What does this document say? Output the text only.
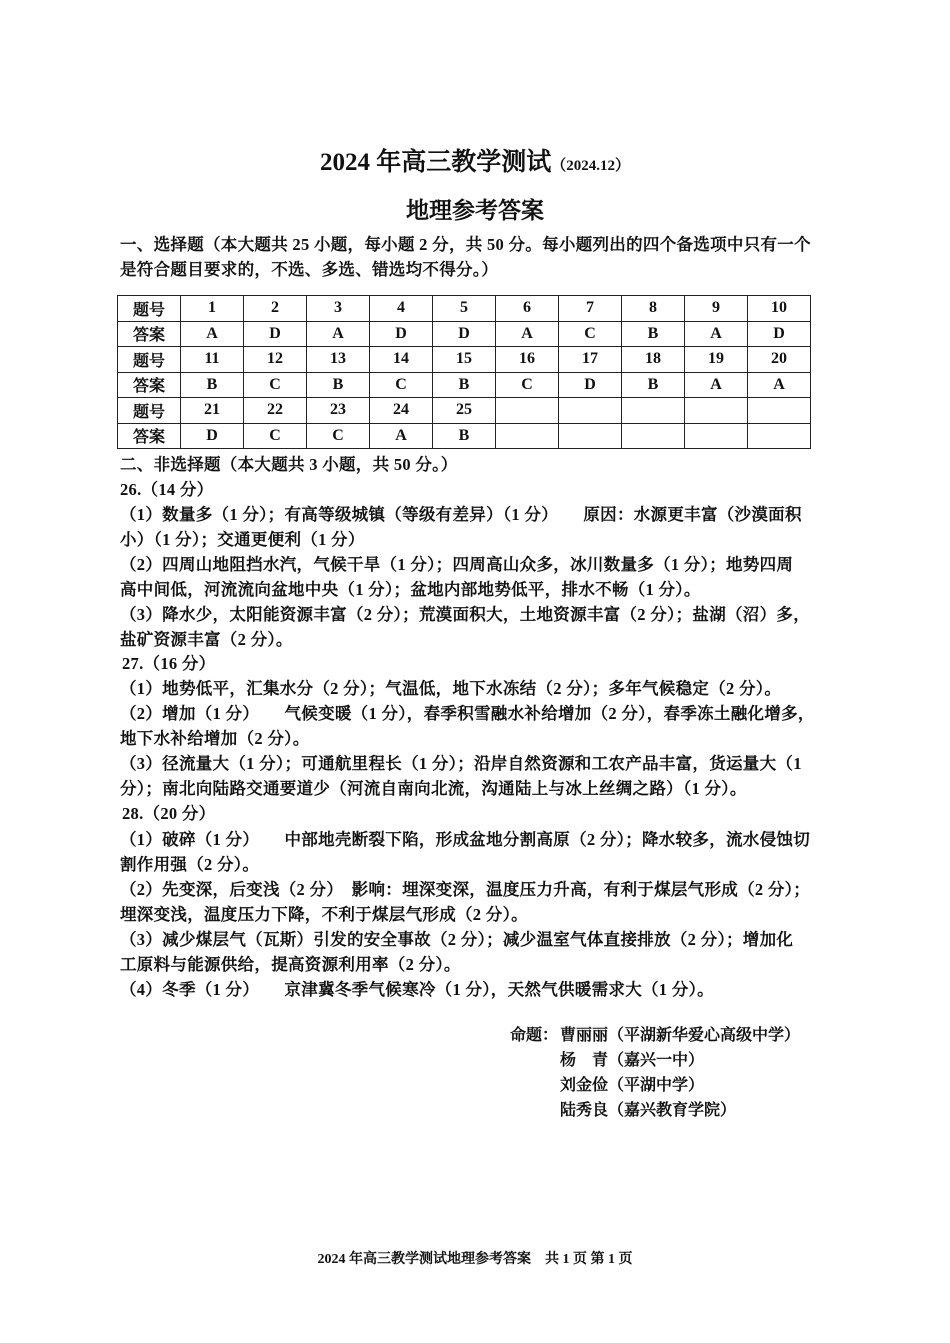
2024 年高三教学测试（2024.12）
地理参考答案
一、选择题（本大题共 25 小题，每小题 2 分，共 50 分。每小题列出的四个备选项中只有一个
是符合题目要求的，不选、多选、错选均不得分。）
题号	1	2	3	4	5	6	7	8	9	10
答案	A	D	A	D	D	A	C	B	A	D
题号	11	12	13	14	15	16	17	18	19	20
答案	B	C	B	C	B	C	D	B	A	A
题号	21	22	23	24	25					
答案	D	C	C	A	B					
二、非选择题（本大题共 3 小题，共 50 分。）
26.（14 分）
（1）数量多（1 分）；有高等级城镇（等级有差异）（1 分）　　原因：水源更丰富（沙漠面积
小）（1 分）；交通更便利（1 分）
（2）四周山地阻挡水汽，气候干旱（1 分）；四周高山众多，冰川数量多（1 分）；地势四周
高中间低，河流流向盆地中央（1 分）；盆地内部地势低平，排水不畅（1 分）。
（3）降水少，太阳能资源丰富（2 分）；荒漠面积大，土地资源丰富（2 分）；盐湖（沼）多，
盐矿资源丰富（2 分）。
27.（16 分）
（1）地势低平，汇集水分（2 分）；气温低，地下水冻结（2 分）；多年气候稳定（2 分）。
（2）增加（1 分）　　气候变暖（1 分），春季积雪融水补给增加（2 分），春季冻土融化增多，
地下水补给增加（2 分）。
（3）径流量大（1 分）；可通航里程长（1 分）；沿岸自然资源和工农产品丰富，货运量大（1
分）；南北向陆路交通要道少（河流自南向北流，沟通陆上与冰上丝绸之路）（1 分）。
28.（20 分）
（1）破碎（1 分）　　中部地壳断裂下陷，形成盆地分割高原（2 分）；降水较多，流水侵蚀切
割作用强（2 分）。
（2）先变深，后变浅（2 分）　影响：埋深变深，温度压力升高，有利于煤层气形成（2 分）；
埋深变浅，温度压力下降，不利于煤层气形成（2 分）。
（3）减少煤层气（瓦斯）引发的安全事故（2 分）；减少温室气体直接排放（2 分）；增加化
工原料与能源供给，提高资源利用率（2 分）。
（4）冬季（1 分）　　京津冀冬季气候寒冷（1 分），天然气供暖需求大（1 分）。
命题： 曹丽丽（平湖新华爱心高级中学）
杨　青（嘉兴一中）
刘金俭（平湖中学）
陆秀良（嘉兴教育学院）
2024 年高三教学测试地理参考答案　共 1 页 第 1 页
